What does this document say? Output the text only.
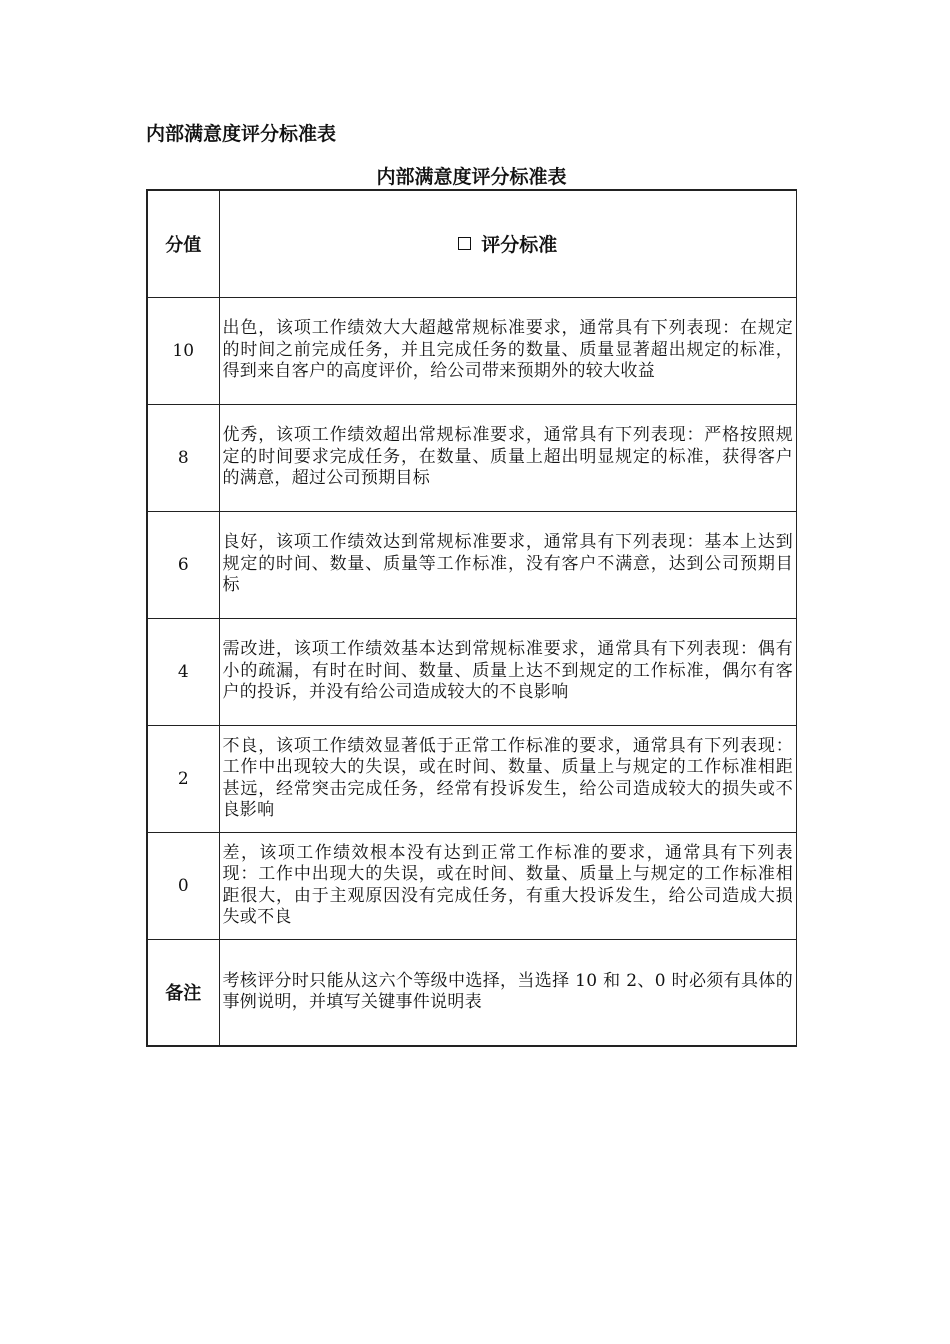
内部满意度评分标准表
内部满意度评分标准表
分值	评分标准
10	出色，该项工作绩效大大超越常规标准要求，通常具有下列表现：在规定的时间之前完成任务，并且完成任务的数量、质量显著超出规定的标准，得到来自客户的高度评价，给公司带来预期外的较大收益
8	优秀，该项工作绩效超出常规标准要求，通常具有下列表现：严格按照规定的时间要求完成任务，在数量、质量上超出明显规定的标准，获得客户的满意，超过公司预期目标
6	良好，该项工作绩效达到常规标准要求，通常具有下列表现：基本上达到规定的时间、数量、质量等工作标准，没有客户不满意，达到公司预期目标
4	需改进，该项工作绩效基本达到常规标准要求，通常具有下列表现：偶有小的疏漏，有时在时间、数量、质量上达不到规定的工作标准，偶尔有客户的投诉，并没有给公司造成较大的不良影响
2	不良，该项工作绩效显著低于正常工作标准的要求，通常具有下列表现：工作中出现较大的失误，或在时间、数量、质量上与规定的工作标准相距甚远，经常突击完成任务，经常有投诉发生，给公司造成较大的损失或不良影响
0	差，该项工作绩效根本没有达到正常工作标准的要求，通常具有下列表现：工作中出现大的失误，或在时间、数量、质量上与规定的工作标准相距很大，由于主观原因没有完成任务，有重大投诉发生，给公司造成大损失或不良
备注	考核评分时只能从这六个等级中选择，当选择 10 和 2、0 时必须有具体的事例说明，并填写关键事件说明表
